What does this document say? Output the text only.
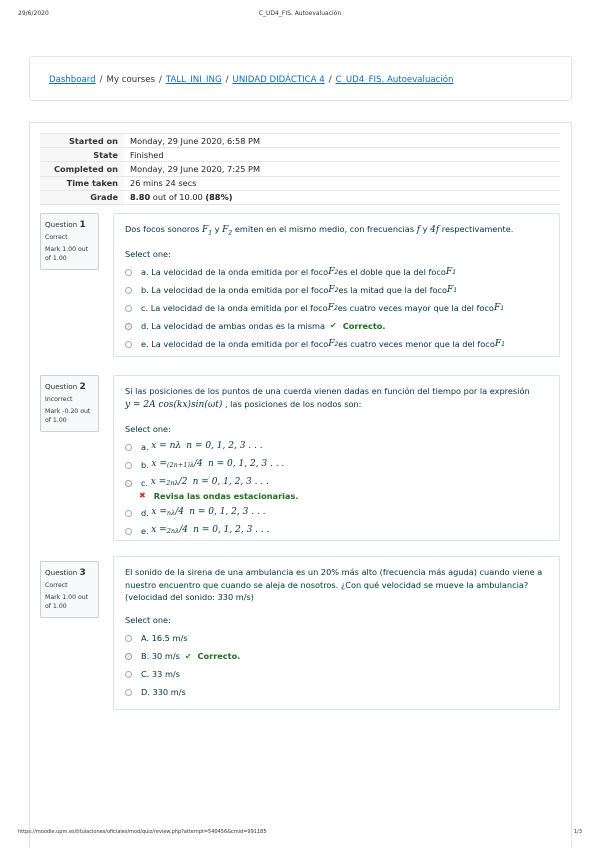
29/6/2020	C_UD4_FIS. Autoevaluación
Dashboard / My courses / TALL_INI_ING / UNIDAD DIDÁCTICA 4 / C_UD4_FIS. Autoevaluación
Started on	Monday, 29 June 2020, 6:58 PM
State	Finished
Completed on	Monday, 29 June 2020, 7:25 PM
Time taken	26 mins 24 secs
Grade	8.80 out of 10.00 (88%)
Question 1
Correct
Mark 1.00 out of 1.00
Dos focos sonoros $F_1$ y $F_2$ emiten en el mismo medio, con frecuencias f y 4f respectivamente.
Select one:
a. La velocidad de la onda emitida por el foco F 2 es el doble que la del foco F 1
b. La velocidad de la onda emitida por el foco F 2 es la mitad que la del foco F 1
c. La velocidad de la onda emitida por el foco F 2 es cuatro veces mayor que la del foco F 1
d. La velocidad de ambas ondas es la misma ✔ Correcto.
e. La velocidad de la onda emitida por el foco F 2 es cuatro veces menor que la del foco F 1
Question 2
Incorrect
Mark -0.20 out of 1.00
Si las posiciones de los puntos de una cuerda vienen dadas en función del tiempo por la expresión
y = 2A cos(kx)sin(ωt) , las posiciones de los nodos son:
Select one:
a.
x = nλ
n = 0, 1, 2, 3 . . .
b.
x = (2n+1)λ /4
n = 0, 1, 2, 3 . . .
c.
x = 2nλ /2
n = 0, 1, 2, 3 . . .
✖ Revisa las ondas estacionarias.
d.
x = nλ /4
n = 0, 1, 2, 3 . . .
e.
x = 2nλ /4
n = 0, 1, 2, 3 . . .
Question 3
Correct
Mark 1.00 out of 1.00
El sonido de la sirena de una ambulancia es un 20% más alto (frecuencia más aguda) cuando viene a nuestro encuentro que cuando se aleja de nosotros. ¿Con qué velocidad se mueve la ambulancia? (velocidad del sonido: 330 m/s)
Select one:
A. 16.5 m/s
B. 30 m/s ✔ Correcto.
C. 33 m/s
D. 330 m/s
https://moodle.upm.es/titulaciones/oficiales/mod/quiz/review.php?attempt=540456&cmid=991185	1/3
